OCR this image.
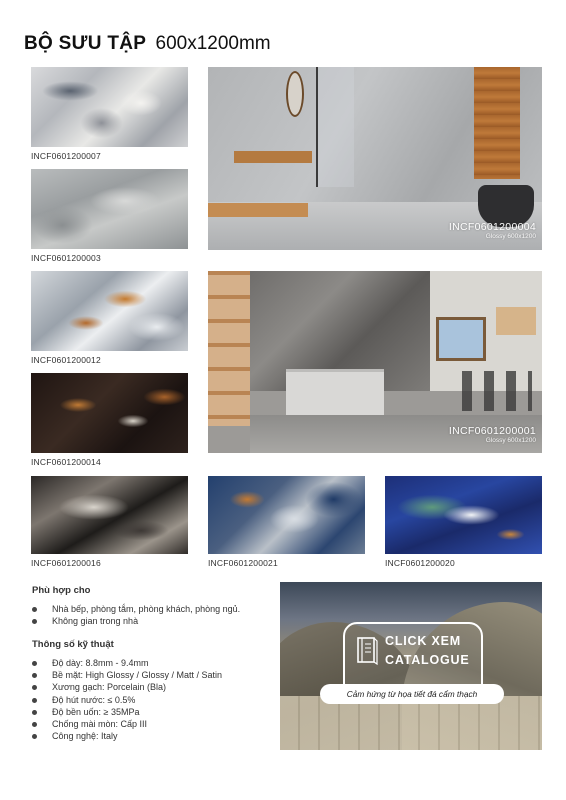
BỘ SƯU TẬP 600x1200mm
INCF0601200007
INCF0601200003
INCF0601200012
INCF0601200014
INCF0601200004
Glossy 600x1200
INCF0601200001
Glossy 600x1200
INCF0601200016	INCF0601200021	INCF0601200020
Phù hợp cho
Nhà bếp, phòng tắm, phòng khách, phòng ngủ.
Không gian trong nhà
Thông số kỹ thuật
Độ dày: 8.8mm - 9.4mm
Bề mặt: High Glossy / Glossy / Matt / Satin
Xương gạch: Porcelain (Bla)
Độ hút nước: ≤ 0.5%
Độ bền uốn: ≥ 35MPa
Chống mài mòn: Cấp III
Công nghệ: Italy
CLICK XEM
CATALOGUE
Cảm hứng từ họa tiết đá cẩm thạch
